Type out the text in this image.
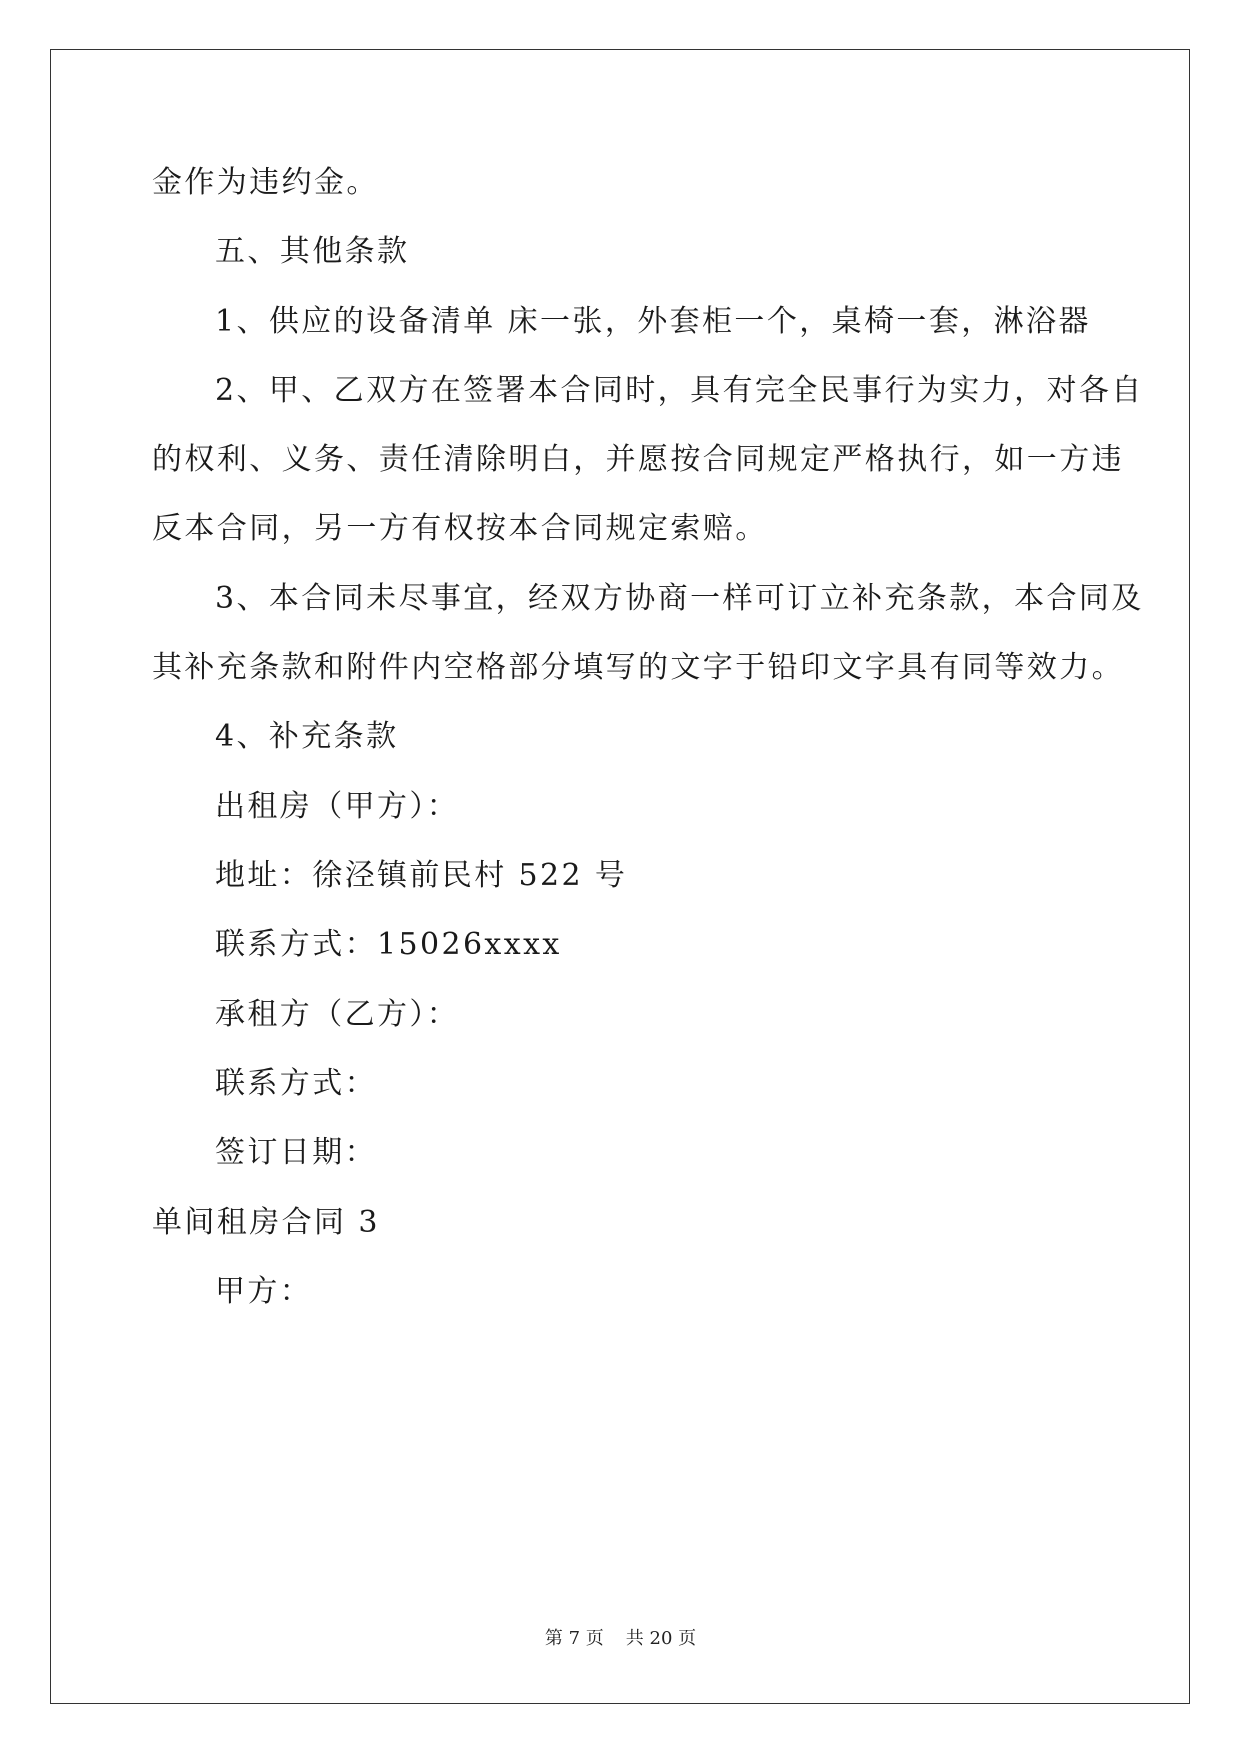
金作为违约金。
五、其他条款
1、供应的设备清单 床一张，外套柜一个，桌椅一套，淋浴器
2、甲、乙双方在签署本合同时，具有完全民事行为实力，对各自
的权利、义务、责任清除明白，并愿按合同规定严格执行，如一方违
反本合同，另一方有权按本合同规定索赔。
3、本合同未尽事宜，经双方协商一样可订立补充条款，本合同及
其补充条款和附件内空格部分填写的文字于铅印文字具有同等效力。
4、补充条款
出租房（甲方）：
地址：徐泾镇前民村 522 号
联系方式：15026xxxx
承租方（乙方）：
联系方式：
签订日期：
单间租房合同 3
甲方：
第 7 页 共 20 页
